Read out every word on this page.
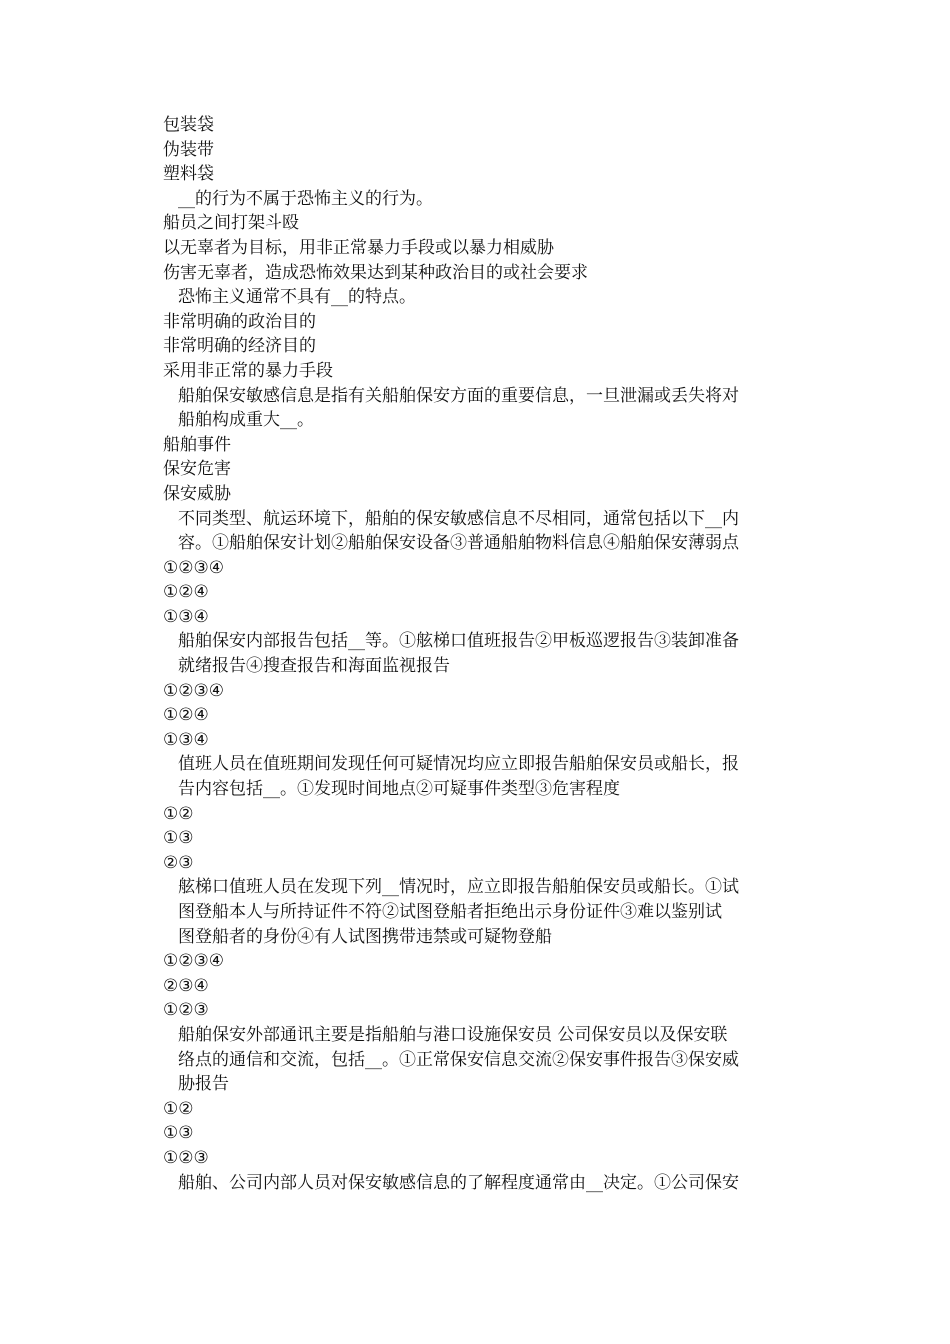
包装袋
伪装带
塑料袋
__的行为不属于恐怖主义的行为。
船员之间打架斗殴
以无辜者为目标，用非正常暴力手段或以暴力相威胁
伤害无辜者，造成恐怖效果达到某种政治目的或社会要求
恐怖主义通常不具有__的特点。
非常明确的政治目的
非常明确的经济目的
采用非正常的暴力手段
船舶保安敏感信息是指有关船舶保安方面的重要信息，一旦泄漏或丢失将对
船舶构成重大__。
船舶事件
保安危害
保安威胁
不同类型、航运环境下，船舶的保安敏感信息不尽相同，通常包括以下__内
容。①船舶保安计划②船舶保安设备③普通船舶物料信息④船舶保安薄弱点
①②③④
①②④
①③④
船舶保安内部报告包括__等。①舷梯口值班报告②甲板巡逻报告③装卸准备
就绪报告④搜查报告和海面监视报告
①②③④
①②④
①③④
值班人员在值班期间发现任何可疑情况均应立即报告船舶保安员或船长，报
告内容包括__。①发现时间地点②可疑事件类型③危害程度
①②
①③
②③
舷梯口值班人员在发现下列__情况时，应立即报告船舶保安员或船长。①试
图登船本人与所持证件不符②试图登船者拒绝出示身份证件③难以鉴别试
图登船者的身份④有人试图携带违禁或可疑物登船
①②③④
②③④
①②③
船舶保安外部通讯主要是指船舶与港口设施保安员 公司保安员以及保安联
络点的通信和交流，包括__。①正常保安信息交流②保安事件报告③保安威
胁报告
①②
①③
①②③
船舶、公司内部人员对保安敏感信息的了解程度通常由__决定。①公司保安
